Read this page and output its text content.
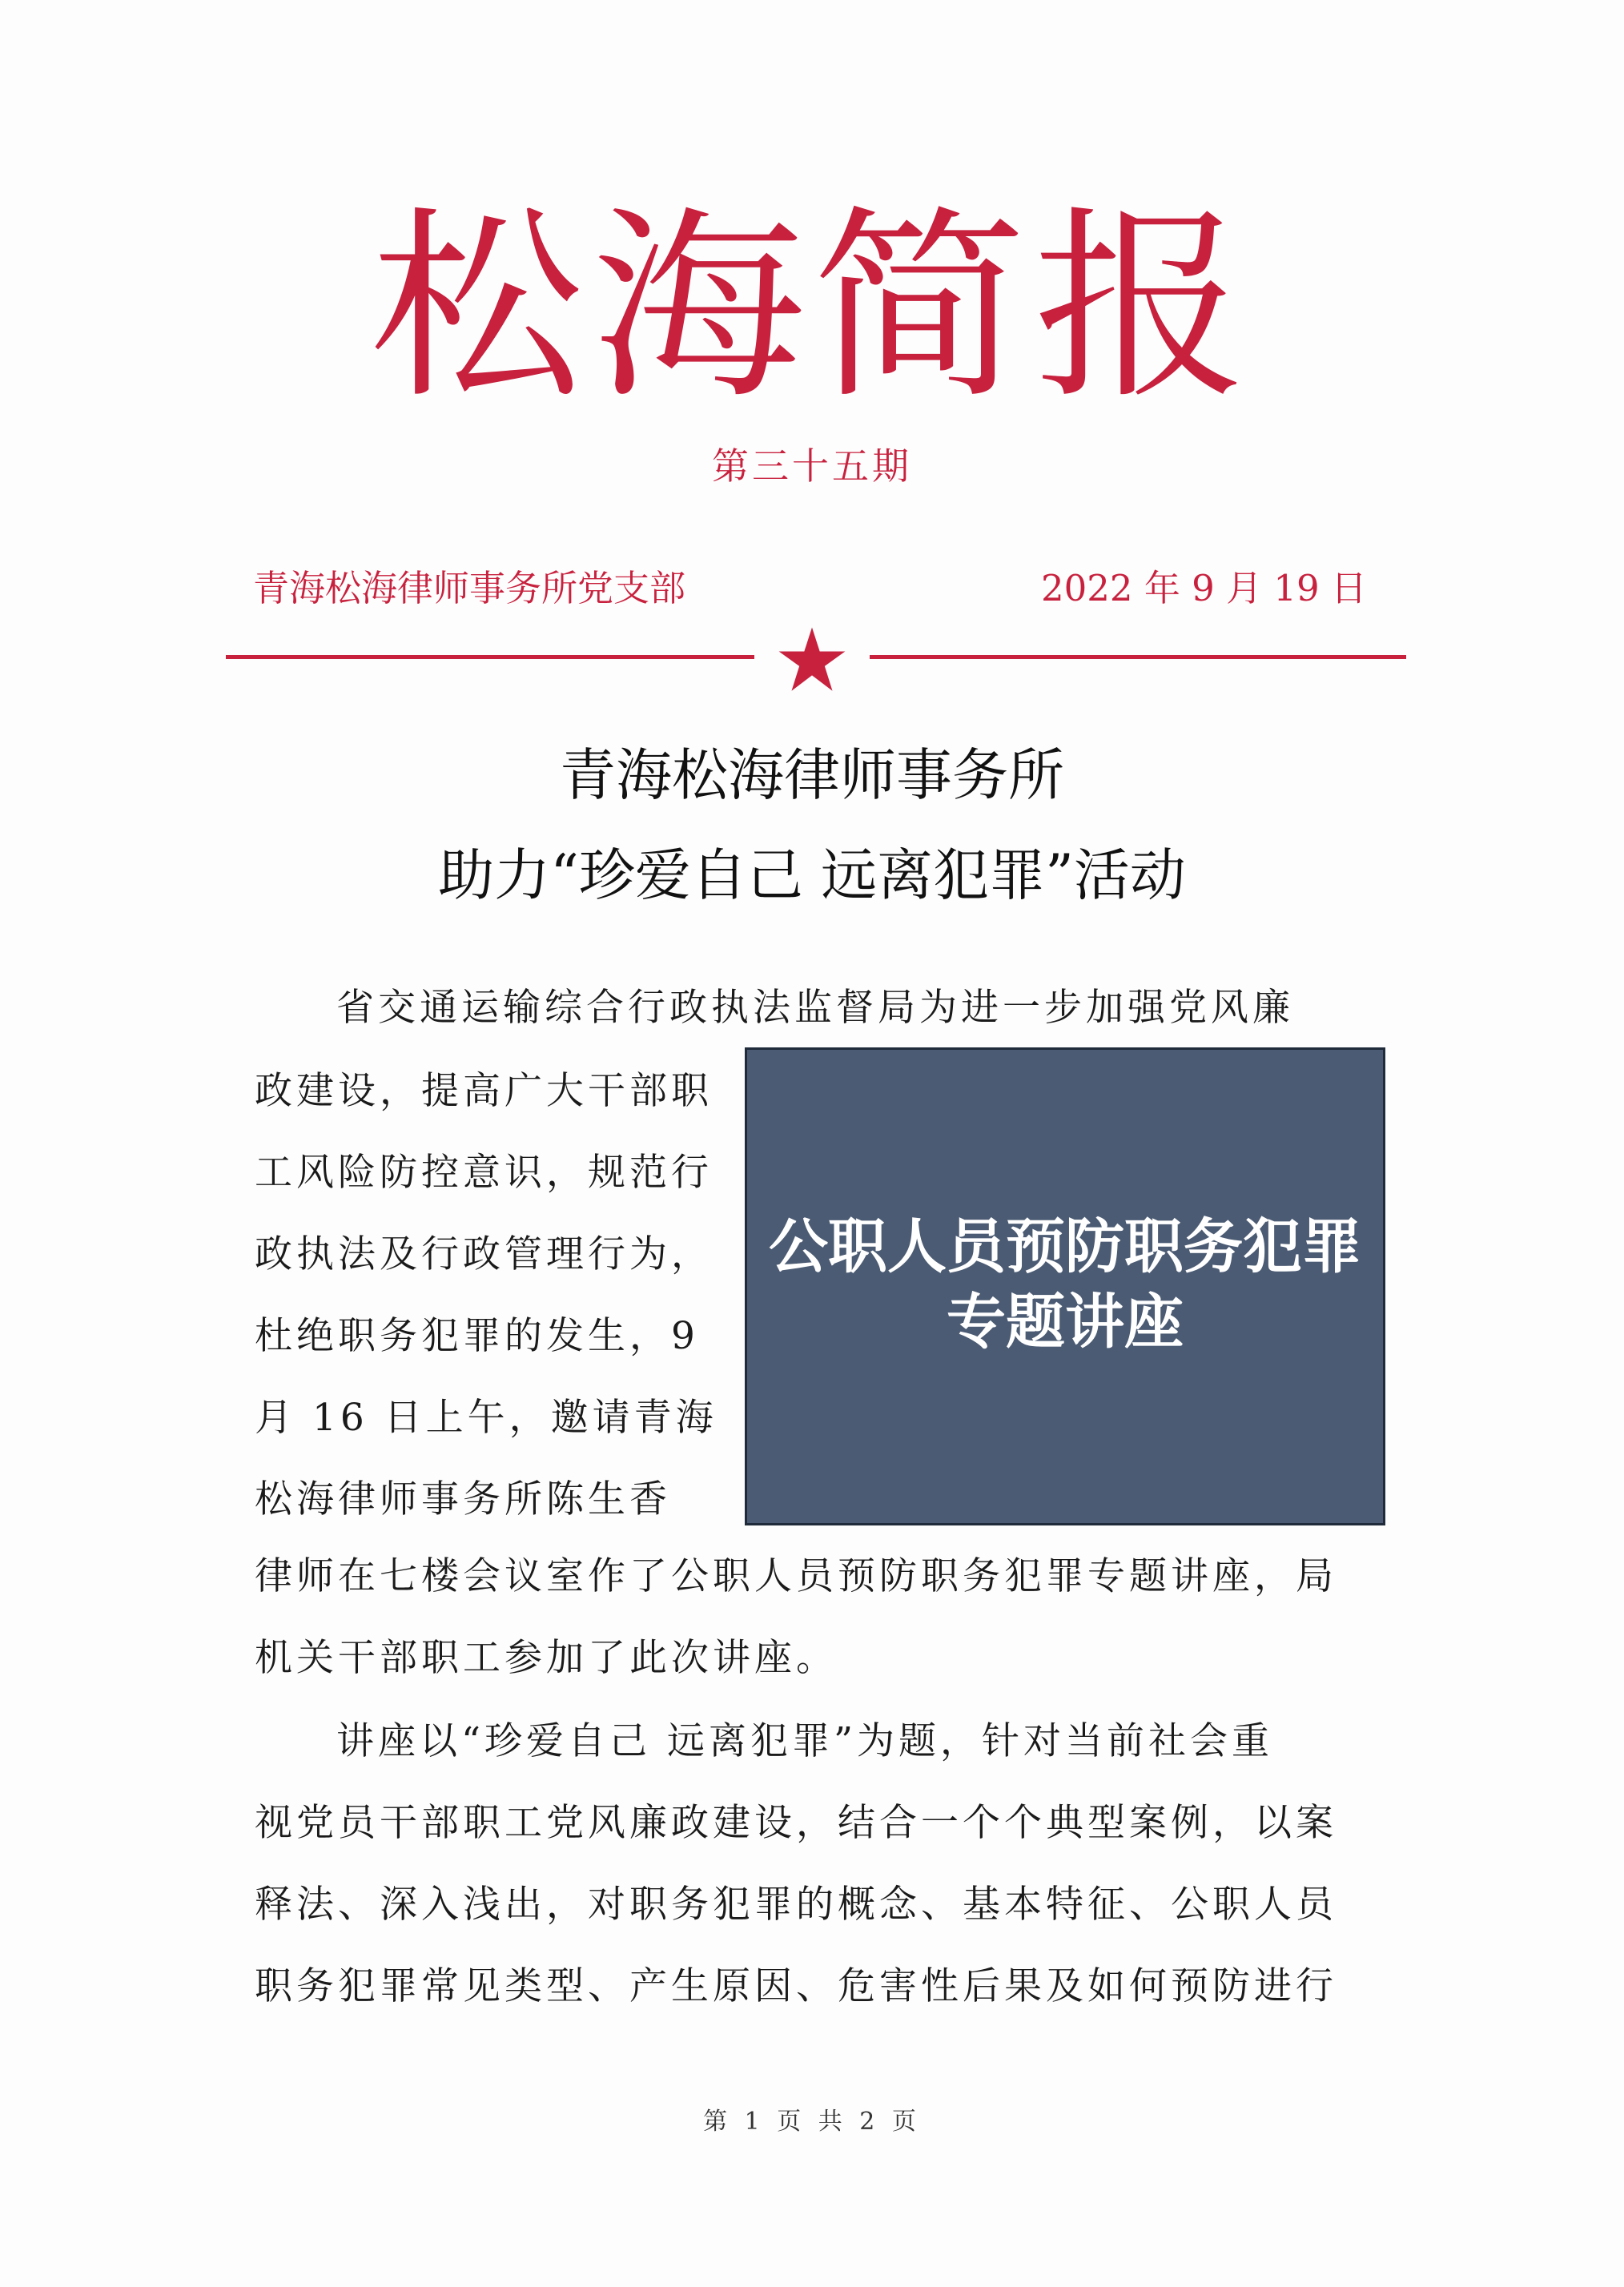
松海简报
第三十五期
青海松海律师事务所党支部	2022 年 9 月 19 日
青海松海律师事务所
助力“珍爱自己 远离犯罪”活动
省交通运输综合行政执法监督局为进一步加强党风廉
政建设，提高广大干部职
工风险防控意识，规范行
政执法及行政管理行为，
杜绝职务犯罪的发生，9
月 16 日上午，邀请青海
松海律师事务所陈生香
公职人员预防职务犯罪
专题讲座
律师在七楼会议室作了公职人员预防职务犯罪专题讲座，局
机关干部职工参加了此次讲座。
讲座以“珍爱自己 远离犯罪”为题，针对当前社会重
视党员干部职工党风廉政建设，结合一个个典型案例，以案
释法、深入浅出，对职务犯罪的概念、基本特征、公职人员
职务犯罪常见类型、产生原因、危害性后果及如何预防进行
第 1 页 共 2 页
